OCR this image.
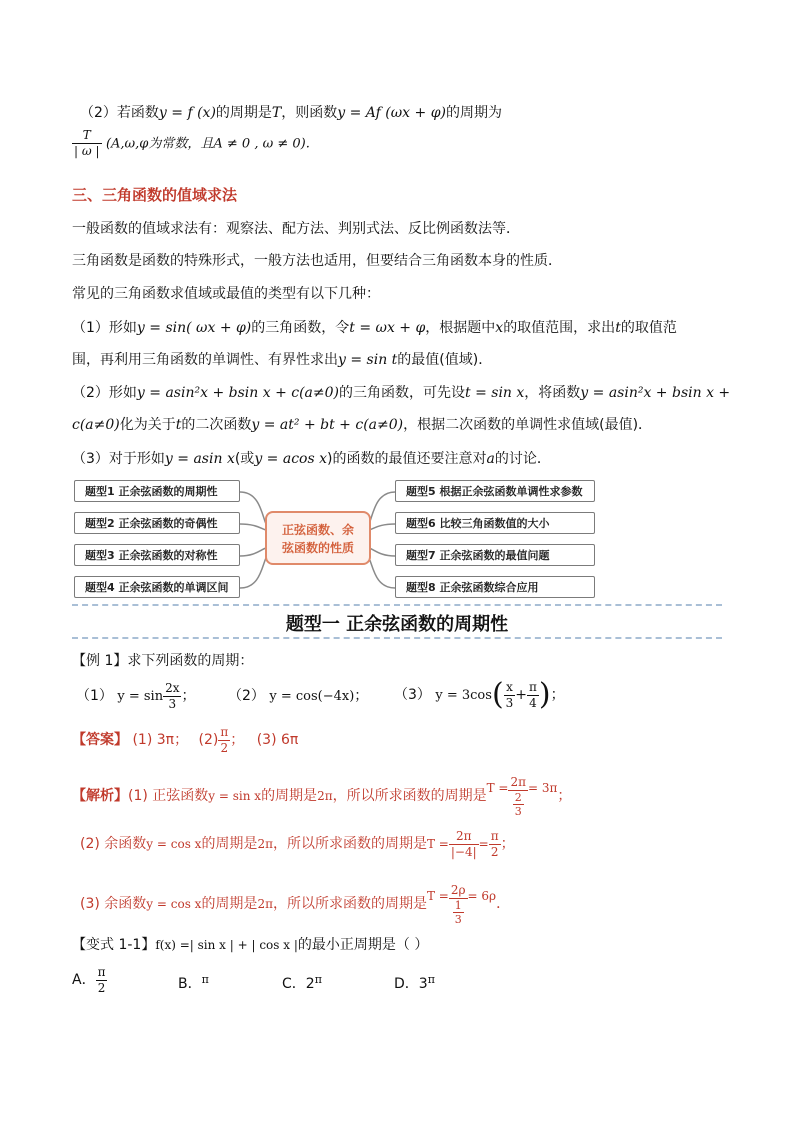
（2）若函数y = f (x)的周期是T，则函数y = Af (ωx + φ)的周期为
$\frac{T}{| \omega |} (A,\omega,\varphi$为常数，且A ≠ 0 , ω ≠ 0).
三、三角函数的值域求法
一般函数的值域求法有：观察法、配方法、判别式法、反比例函数法等．
三角函数是函数的特殊形式，一般方法也适用，但要结合三角函数本身的性质．
常见的三角函数求值域或最值的类型有以下几种：
（1）形如y = sin( ωx + φ)的三角函数，令t = ωx + φ，根据题中x的取值范围，求出t的取值范
围，再利用三角函数的单调性、有界性求出y = sin t的最值(值域)．
（2）形如y = asin²x + bsin x + c(a≠0)的三角函数，可先设t = sin x，将函数y = asin²x + bsin x +
c(a≠0)化为关于t的二次函数y = at² + bt + c(a≠0)，根据二次函数的单调性求值域(最值)．
（3）对于形如y = asin x(或y = acos x)的函数的最值还要注意对a的讨论．
正弦函数、余
弦函数的性质
题型1 正余弦函数的周期性
题型2 正余弦函数的奇偶性
题型3 正余弦函数的对称性
题型4 正余弦函数的单调区间
题型5 根据正余弦函数单调性求参数
题型6 比较三角函数值的大小
题型7 正余弦函数的最值问题
题型8 正余弦函数综合应用
题型一 正余弦函数的周期性
【例 1】求下列函数的周期：
（1） $y = \sin \frac{2x}{3}$ ； （2） y = cos(−4x)； （3） $y = 3\cos( \frac{x}{3} + \frac{\pi}{4}$ )；
【答案】 (1) 3π； $(2) \frac{\pi}{2}$ ； (3) 6π
【解析】(1) 正弦函数y = sin x的周期是2π，所以所求函数的周期是$T = \frac{2\pi}{\frac{2}{3}} = 3\pi$；
(2) 余函数y = cos x的周期是2π，所以所求函数的周期是$T = \frac{2\pi}{|-4|} = \frac{\pi}{2}$ ；
(3) 余函数y = cos x的周期是2π，所以所求函数的周期是$T = \frac{2\rho}{\frac{1}{3}} = 6\rho$．
【变式 1-1】f(x) =| sin x | + | cos x |的最小正周期是（ ）
A． $\frac{\pi}{2}$	B．$^\pi$	C．$2^\pi$	D．$3^\pi$
